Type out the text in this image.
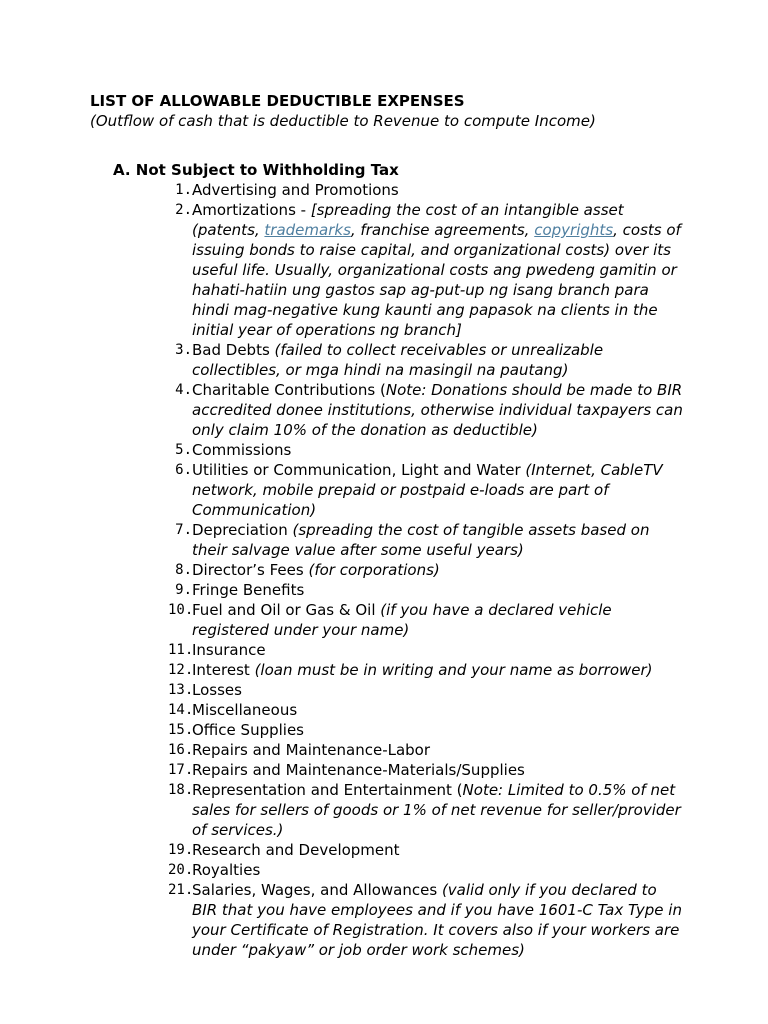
LIST OF ALLOWABLE DEDUCTIBLE EXPENSES
(Outflow of cash that is deductible to Revenue to compute Income)
A. Not Subject to Withholding Tax
1. Advertising and Promotions
2. Amortizations - [spreading the cost of an intangible asset (patents, trademarks, franchise agreements, copyrights, costs of issuing bonds to raise capital, and organizational costs) over its useful life. Usually, organizational costs ang pwedeng gamitin or hahati-hatiin ung gastos sap ag-put-up ng isang branch para hindi mag-negative kung kaunti ang papasok na clients in the initial year of operations ng branch]
3. Bad Debts (failed to collect receivables or unrealizable collectibles, or mga hindi na masingil na pautang)
4. Charitable Contributions (Note: Donations should be made to BIR accredited donee institutions, otherwise individual taxpayers can only claim 10% of the donation as deductible)
5. Commissions
6. Utilities or Communication, Light and Water (Internet, CableTV network, mobile prepaid or postpaid e-loads are part of Communication)
7. Depreciation (spreading the cost of tangible assets based on their salvage value after some useful years)
8. Director’s Fees (for corporations)
9. Fringe Benefits
10.
Fuel and Oil or Gas & Oil (if you have a declared vehicle registered under your name)
11.
Insurance
12.
Interest (loan must be in writing and your name as borrower)
13.
Losses
14.
Miscellaneous
15.
Office Supplies
16.
Repairs and Maintenance-Labor
17.
Repairs and Maintenance-Materials/Supplies
18.
Representation and Entertainment (Note: Limited to 0.5% of net sales for sellers of goods or 1% of net revenue for seller/provider of services.)
19.
Research and Development
20.
Royalties
21.
Salaries, Wages, and Allowances (valid only if you declared to BIR that you have employees and if you have 1601-C Tax Type in your Certificate of Registration. It covers also if your workers are under “pakyaw” or job order work schemes)
